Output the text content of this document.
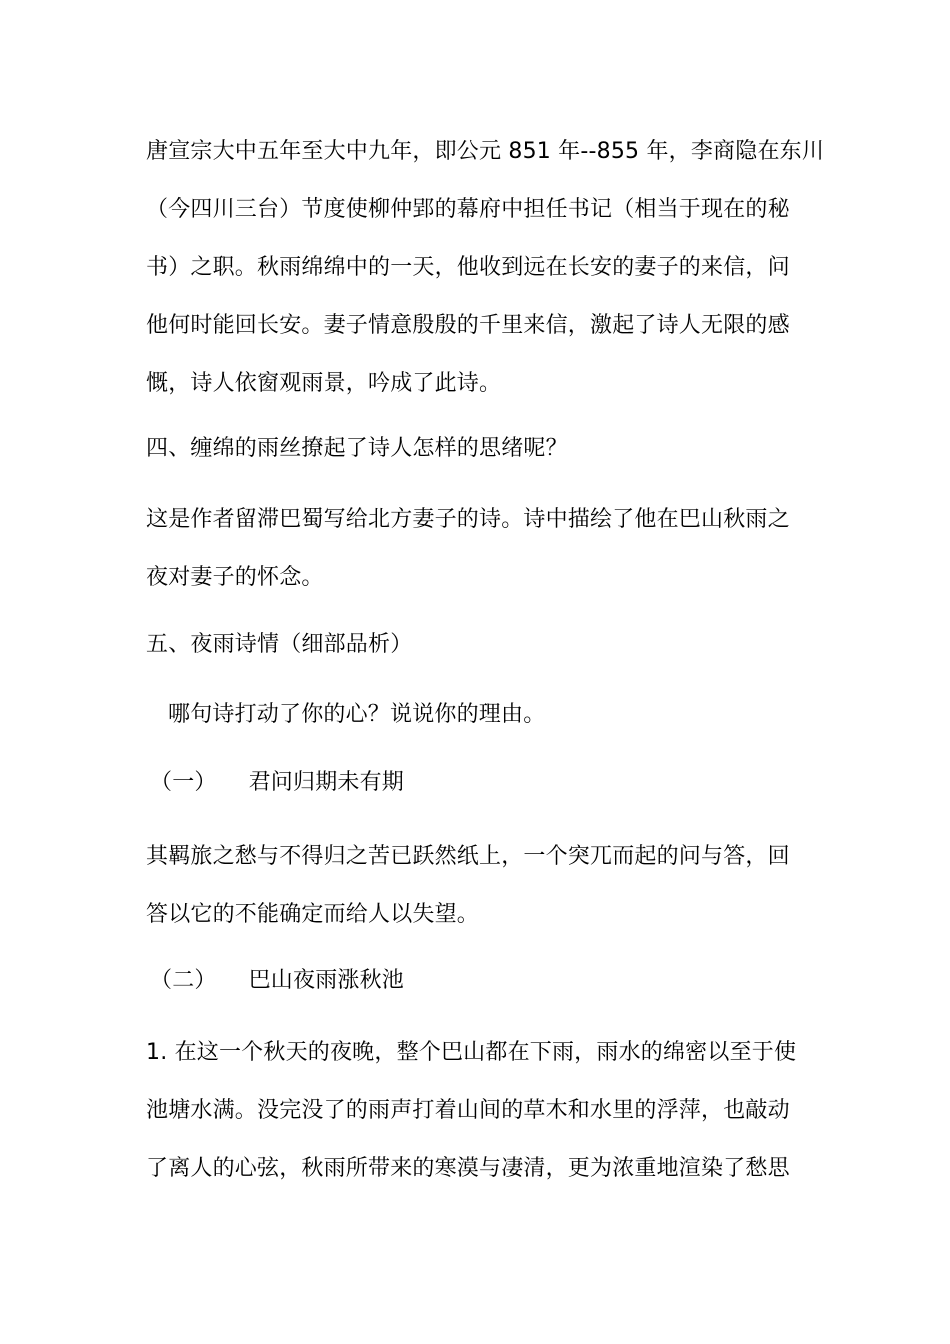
唐宣宗大中五年至大中九年，即公元 851 年--855 年，李商隐在东川
（今四川三台）节度使柳仲郢的幕府中担任书记（相当于现在的秘
书）之职。秋雨绵绵中的一天，他收到远在长安的妻子的来信，问
他何时能回长安。妻子情意殷殷的千里来信，激起了诗人无限的感
慨，诗人依窗观雨景，吟成了此诗。
四、缠绵的雨丝撩起了诗人怎样的思绪呢？
这是作者留滞巴蜀写给北方妻子的诗。诗中描绘了他在巴山秋雨之
夜对妻子的怀念。
五、夜雨诗情（细部品析）
哪句诗打动了你的心？说说你的理由。
（一） 君问归期未有期
其羁旅之愁与不得归之苦已跃然纸上，一个突兀而起的问与答，回
答以它的不能确定而给人以失望。
（二） 巴山夜雨涨秋池
1. 在这一个秋天的夜晚，整个巴山都在下雨，雨水的绵密以至于使
池塘水满。没完没了的雨声打着山间的草木和水里的浮萍，也敲动
了离人的心弦，秋雨所带来的寒漠与凄清，更为浓重地渲染了愁思
